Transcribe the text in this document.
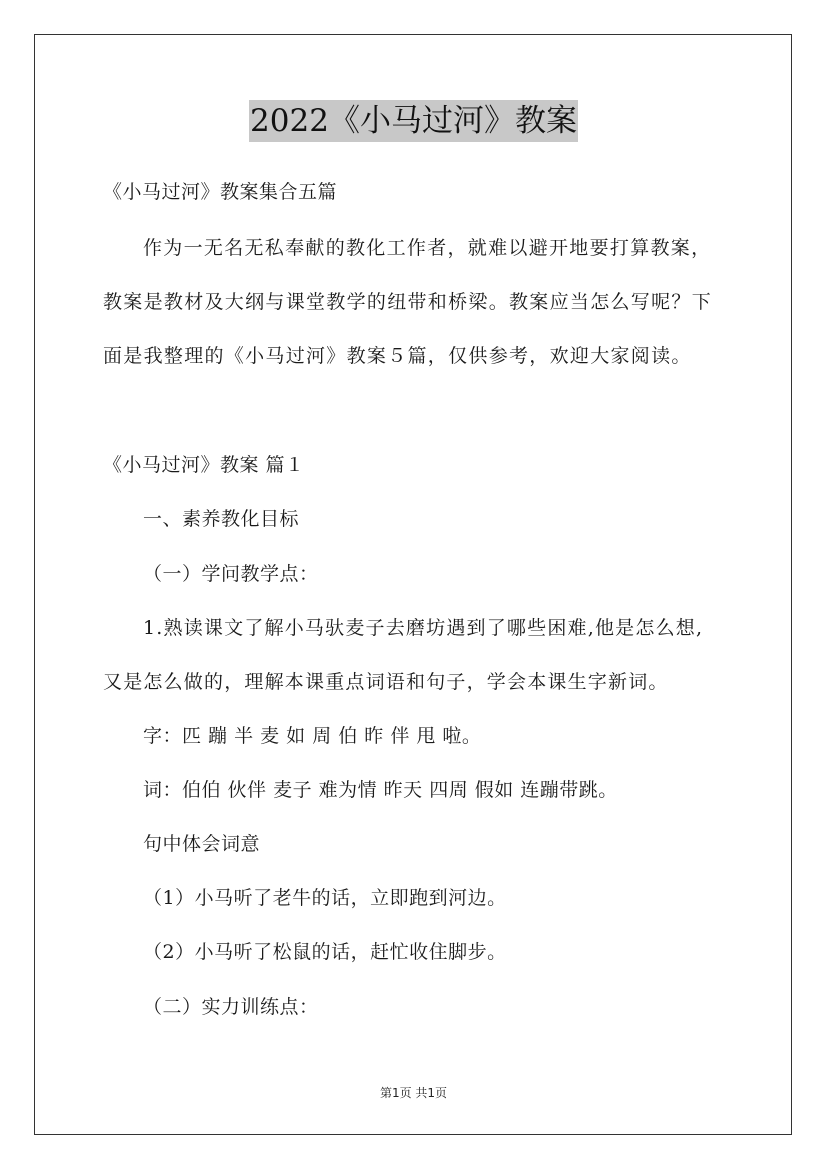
2022《小马过河》教案
《小马过河》教案集合五篇
作为一无名无私奉献的教化工作者，就难以避开地要打算教案，
教案是教材及大纲与课堂教学的纽带和桥梁。教案应当怎么写呢？下
面是我整理的《小马过河》教案５篇，仅供参考，欢迎大家阅读。
《小马过河》教案 篇１
一、素养教化目标
（一）学问教学点：
1.熟读课文了解小马驮麦子去磨坊遇到了哪些困难,他是怎么想,
又是怎么做的，理解本课重点词语和句子，学会本课生字新词。
字：匹 蹦 半 麦 如 周 伯 昨 伴 甩 啦。
词：伯伯 伙伴 麦子 难为情 昨天 四周 假如 连蹦带跳。
句中体会词意
（1）小马听了老牛的话，立即跑到河边。
（2）小马听了松鼠的话，赶忙收住脚步。
（二）实力训练点：
第1页 共1页
